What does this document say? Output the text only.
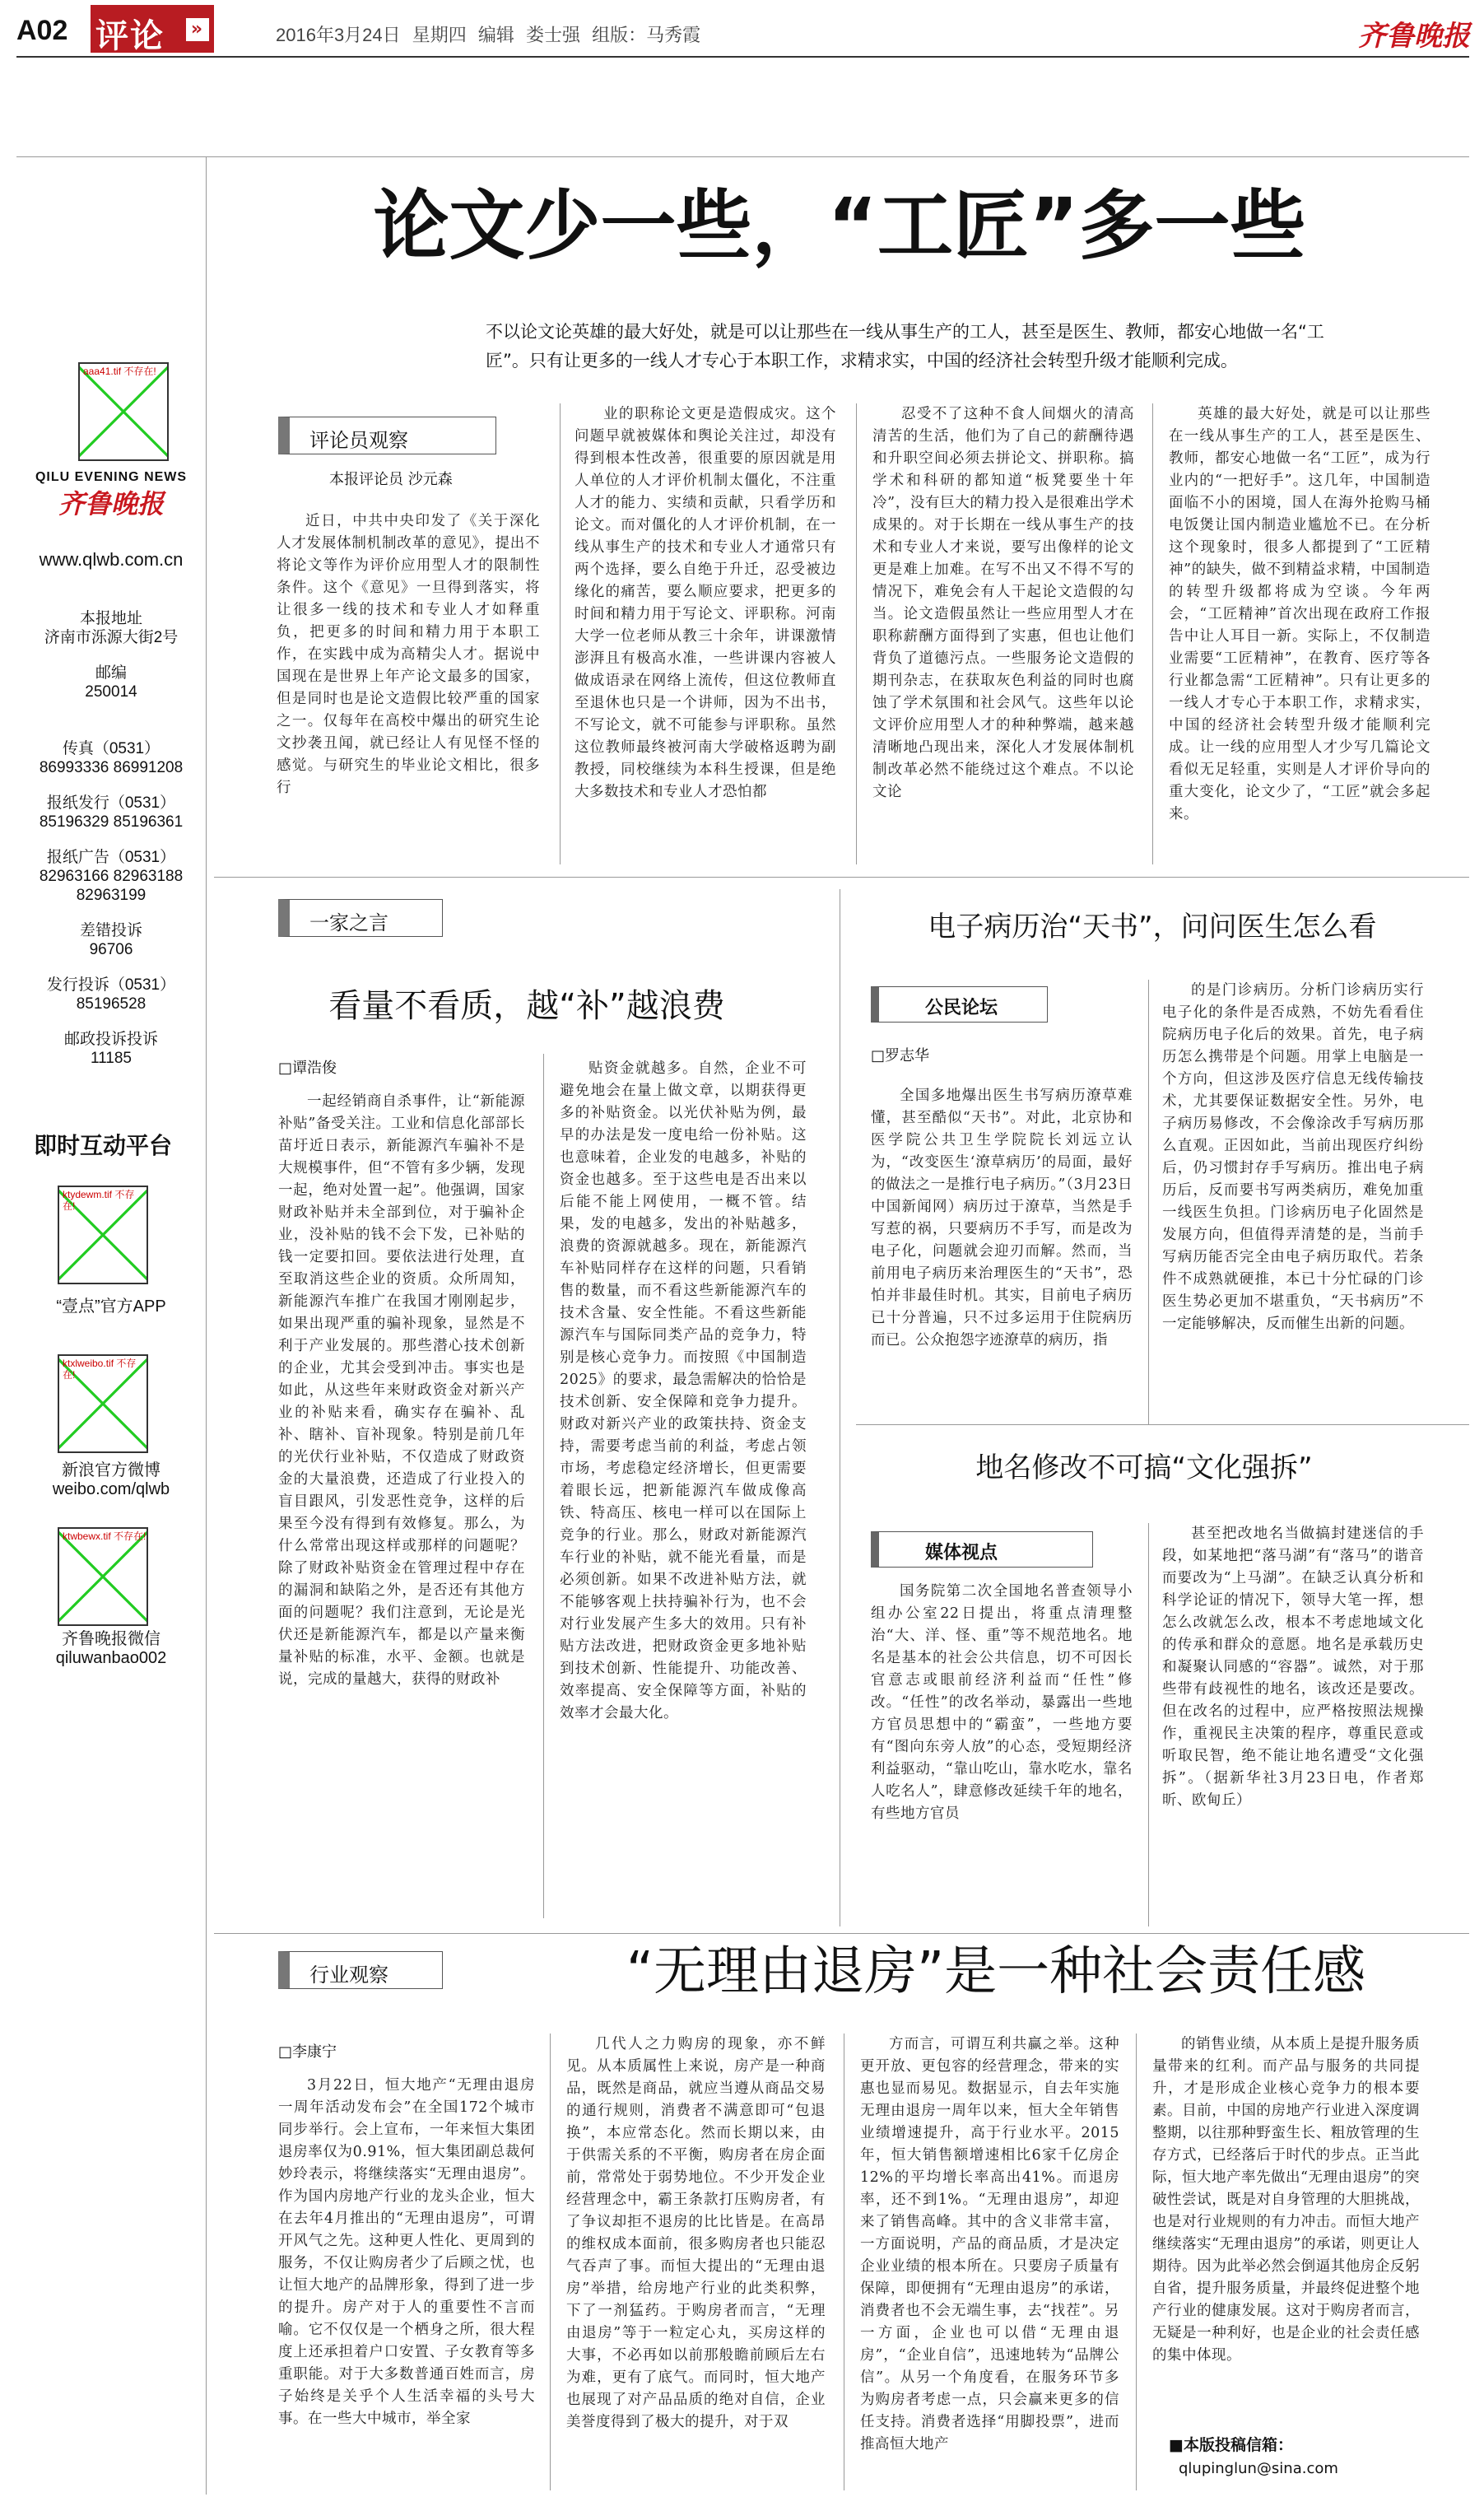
A02 评论 »	2016年3月24日 星期四 编辑 娄士强 组版：马秀霞	齐鲁晚报
aaa41.tif 不存在!
QILU EVENING NEWS
齐鲁晚报
www.qlwb.com.cn
本报地址
济南市泺源大街2号
邮编
250014
传真（0531）
86993336 86991208
报纸发行（0531）
85196329 85196361
报纸广告（0531）
82963166 82963188
82963199
差错投诉
96706
发行投诉（0531）
85196528
邮政投诉投诉
11185
即时互动平台
ktydewm.tif 不存在!
“壹点”官方APP
ktxlweibo.tif 不存在!
新浪官方微博
weibo.com/qlwb
ktwbewx.tif 不存在!
齐鲁晚报微信
qiluwanbao002
论文少一些，“工匠”多一些
不以论文论英雄的最大好处，就是可以让那些在一线从事生产的工人，甚至是医生、教师，都安心地做一名“工匠”。只有让更多的一线人才专心于本职工作，求精求实，中国的经济社会转型升级才能顺利完成。
评论员观察
本报评论员 沙元森
近日，中共中央印发了《关于深化人才发展体制机制改革的意见》，提出不将论文等作为评价应用型人才的限制性条件。这个《意见》一旦得到落实，将让很多一线的技术和专业人才如释重负，把更多的时间和精力用于本职工作，在实践中成为高精尖人才。据说中国现在是世界上年产论文最多的国家，但是同时也是论文造假比较严重的国家之一。仅每年在高校中爆出的研究生论文抄袭丑闻，就已经让人有见怪不怪的感觉。与研究生的毕业论文相比，很多行
业的职称论文更是造假成灾。这个问题早就被媒体和舆论关注过，却没有得到根本性改善，很重要的原因就是用人单位的人才评价机制太僵化，不注重人才的能力、实绩和贡献，只看学历和论文。而对僵化的人才评价机制，在一线从事生产的技术和专业人才通常只有两个选择，要么自绝于升迁，忍受被边缘化的痛苦，要么顺应要求，把更多的时间和精力用于写论文、评职称。河南大学一位老师从教三十余年，讲课激情澎湃且有极高水准，一些讲课内容被人做成语录在网络上流传，但这位教师直至退休也只是一个讲师，因为不出书，不写论文，就不可能参与评职称。虽然这位教师最终被河南大学破格返聘为副教授，同校继续为本科生授课，但是绝大多数技术和专业人才恐怕都
忍受不了这种不食人间烟火的清高清苦的生活，他们为了自己的薪酬待遇和升职空间必须去拼论文、拼职称。搞学术和科研的都知道“板凳要坐十年冷”，没有巨大的精力投入是很难出学术成果的。对于长期在一线从事生产的技术和专业人才来说，要写出像样的论文更是难上加难。在写不出又不得不写的情况下，难免会有人干起论文造假的勾当。论文造假虽然让一些应用型人才在职称薪酬方面得到了实惠，但也让他们背负了道德污点。一些服务论文造假的期刊杂志，在获取灰色利益的同时也腐蚀了学术氛围和社会风气。这些年以论文评价应用型人才的种种弊端，越来越清晰地凸现出来，深化人才发展体制机制改革必然不能绕过这个难点。不以论文论
英雄的最大好处，就是可以让那些在一线从事生产的工人，甚至是医生、教师，都安心地做一名“工匠”，成为行业内的“一把好手”。这几年，中国制造面临不小的困境，国人在海外抢购马桶电饭煲让国内制造业尴尬不已。在分析这个现象时，很多人都提到了“工匠精神”的缺失，做不到精益求精，中国制造的转型升级都将成为空谈。今年两会，“工匠精神”首次出现在政府工作报告中让人耳目一新。实际上，不仅制造业需要“工匠精神”，在教育、医疗等各行业都急需“工匠精神”。只有让更多的一线人才专心于本职工作，求精求实，中国的经济社会转型升级才能顺利完成。让一线的应用型人才少写几篇论文看似无足轻重，实则是人才评价导向的重大变化，论文少了，“工匠”就会多起来。
一家之言
看量不看质，越“补”越浪费
□谭浩俊
一起经销商自杀事件，让“新能源补贴”备受关注。工业和信息化部部长苗圩近日表示，新能源汽车骗补不是大规模事件，但“不管有多少辆，发现一起，绝对处置一起”。他强调，国家财政补贴并未全部到位，对于骗补企业，没补贴的钱不会下发，已补贴的钱一定要扣回。要依法进行处理，直至取消这些企业的资质。众所周知，新能源汽车推广在我国才刚刚起步，如果出现严重的骗补现象，显然是不利于产业发展的。那些潜心技术创新的企业，尤其会受到冲击。事实也是如此，从这些年来财政资金对新兴产业的补贴来看，确实存在骗补、乱补、瞎补、盲补现象。特别是前几年的光伏行业补贴，不仅造成了财政资金的大量浪费，还造成了行业投入的盲目跟风，引发恶性竞争，这样的后果至今没有得到有效修复。那么，为什么常常出现这样或那样的问题呢？除了财政补贴资金在管理过程中存在的漏洞和缺陷之外，是否还有其他方面的问题呢？我们注意到，无论是光伏还是新能源汽车，都是以产量来衡量补贴的标准，水平、金额。也就是说，完成的量越大，获得的财政补
贴资金就越多。自然，企业不可避免地会在量上做文章，以期获得更多的补贴资金。以光伏补贴为例，最早的办法是发一度电给一份补贴。这也意味着，企业发的电越多，补贴的资金也越多。至于这些电是否出来以后能不能上网使用，一概不管。结果，发的电越多，发出的补贴越多，浪费的资源就越多。现在，新能源汽车补贴同样存在这样的问题，只看销售的数量，而不看这些新能源汽车的技术含量、安全性能。不看这些新能源汽车与国际同类产品的竞争力，特别是核心竞争力。而按照《中国制造2025》的要求，最急需解决的恰恰是技术创新、安全保障和竞争力提升。财政对新兴产业的政策扶持、资金支持，需要考虑当前的利益，考虑占领市场，考虑稳定经济增长，但更需要着眼长远，把新能源汽车做成像高铁、特高压、核电一样可以在国际上竞争的行业。那么，财政对新能源汽车行业的补贴，就不能光看量，而是必须创新。如果不改进补贴方法，就不能够客观上扶持骗补行为，也不会对行业发展产生多大的效用。只有补贴方法改进，把财政资金更多地补贴到技术创新、性能提升、功能改善、效率提高、安全保障等方面，补贴的效率才会最大化。
电子病历治“天书”，问问医生怎么看
公民论坛
□罗志华
全国多地爆出医生书写病历潦草难懂，甚至酷似“天书”。对此，北京协和医学院公共卫生学院院长刘远立认为，“改变医生‘潦草病历’的局面，最好的做法之一是推行电子病历。”（3月23日中国新闻网）病历过于潦草，当然是手写惹的祸，只要病历不手写，而是改为电子化，问题就会迎刃而解。然而，当前用电子病历来治理医生的“天书”，恐怕并非最佳时机。其实，目前电子病历已十分普遍，只不过多运用于住院病历而已。公众抱怨字迹潦草的病历，指
的是门诊病历。分析门诊病历实行电子化的条件是否成熟，不妨先看看住院病历电子化后的效果。首先，电子病历怎么携带是个问题。用掌上电脑是一个方向，但这涉及医疗信息无线传输技术，尤其要保证数据安全性。另外，电子病历易修改，不会像涂改手写病历那么直观。正因如此，当前出现医疗纠纷后，仍习惯封存手写病历。推出电子病历后，反而要书写两类病历，难免加重一线医生负担。门诊病历电子化固然是发展方向，但值得弄清楚的是，当前手写病历能否完全由电子病历取代。若条件不成熟就硬推，本已十分忙碌的门诊医生势必更加不堪重负，“天书病历”不一定能够解决，反而催生出新的问题。
地名修改不可搞“文化强拆”
媒体视点
国务院第二次全国地名普查领导小组办公室22日提出，将重点清理整治“大、洋、怪、重”等不规范地名。地名是基本的社会公共信息，切不可因长官意志或眼前经济利益而“任性”修改。“任性”的改名举动，暴露出一些地方官员思想中的“霸蛮”，一些地方要有“图向东旁人放”的心态，受短期经济利益驱动，“靠山吃山，靠水吃水，靠名人吃名人”，肆意修改延续千年的地名，有些地方官员
甚至把改地名当做搞封建迷信的手段，如某地把“落马湖”有“落马”的谐音而要改为“上马湖”。在缺乏认真分析和科学论证的情况下，领导大笔一挥，想怎么改就怎么改，根本不考虑地域文化的传承和群众的意愿。地名是承载历史和凝聚认同感的“容器”。诚然，对于那些带有歧视性的地名，该改还是要改。但在改名的过程中，应严格按照法规操作，重视民主决策的程序，尊重民意或听取民智，绝不能让地名遭受“文化强拆”。（据新华社3月23日电，作者郑昕、欧甸丘）
行业观察	“无理由退房”是一种社会责任感
□李康宁
3月22日，恒大地产“无理由退房一周年活动发布会”在全国172个城市同步举行。会上宣布，一年来恒大集团退房率仅为0.91%，恒大集团副总裁何妙玲表示，将继续落实“无理由退房”。作为国内房地产行业的龙头企业，恒大在去年4月推出的“无理由退房”，可谓开风气之先。这种更人性化、更周到的服务，不仅让购房者少了后顾之忧，也让恒大地产的品牌形象，得到了进一步的提升。房产对于人的重要性不言而喻。它不仅仅是一个栖身之所，很大程度上还承担着户口安置、子女教育等多重职能。对于大多数普通百姓而言，房子始终是关乎个人生活幸福的头号大事。在一些大中城市，举全家
几代人之力购房的现象，亦不鲜见。从本质属性上来说，房产是一种商品，既然是商品，就应当遵从商品交易的通行规则，消费者不满意即可“包退换”，本应常态化。然而长期以来，由于供需关系的不平衡，购房者在房企面前，常常处于弱势地位。不少开发企业经营理念中，霸王条款打压购房者，有了争议却拒不退房的比比皆是。在高昂的维权成本面前，很多购房者也只能忍气吞声了事。而恒大提出的“无理由退房”举措，给房地产行业的此类积弊，下了一剂猛药。于购房者而言，“无理由退房”等于一粒定心丸，买房这样的大事，不必再如以前那般瞻前顾后左右为难，更有了底气。而同时，恒大地产也展现了对产品品质的绝对自信，企业美誉度得到了极大的提升，对于双
方而言，可谓互利共赢之举。这种更开放、更包容的经营理念，带来的实惠也显而易见。数据显示，自去年实施无理由退房一周年以来，恒大全年销售业绩增速提升，高于行业水平。2015年，恒大销售额增速相比6家千亿房企12%的平均增长率高出41%。而退房率，还不到1%。“无理由退房”，却迎来了销售高峰。其中的含义非常丰富，一方面说明，产品的商品质，才是决定企业业绩的根本所在。只要房子质量有保障，即便拥有“无理由退房”的承诺，消费者也不会无端生事，去“找茬”。另一方面，企业也可以借“无理由退房”，“企业自信”，迅速地转为“品牌公信”。从另一个角度看，在服务环节多为购房者考虑一点，只会赢来更多的信任支持。消费者选择“用脚投票”，进而推高恒大地产
的销售业绩，从本质上是提升服务质量带来的红利。而产品与服务的共同提升，才是形成企业核心竞争力的根本要素。目前，中国的房地产行业进入深度调整期，以往那种野蛮生长、粗放管理的生存方式，已经落后于时代的步点。正当此际，恒大地产率先做出“无理由退房”的突破性尝试，既是对自身管理的大胆挑战，也是对行业规则的有力冲击。而恒大地产继续落实“无理由退房”的承诺，则更让人期待。因为此举必然会倒逼其他房企反躬自省，提升服务质量，并最终促进整个地产行业的健康发展。这对于购房者而言，无疑是一种利好，也是企业的社会责任感的集中体现。
■本版投稿信箱：
qlupinglun@sina.com
